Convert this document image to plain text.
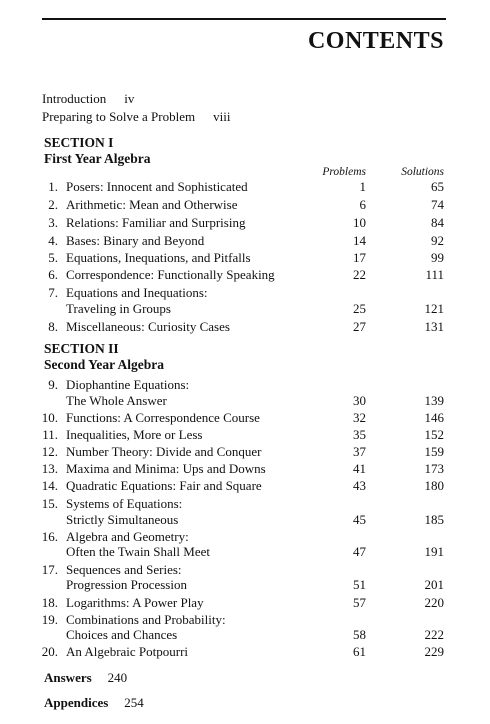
CONTENTS
Introduction iv
Preparing to Solve a Problem viii
SECTION I
First Year Algebra
Problems	Solutions
1. Posers: Innocent and Sophisticated	1	65
2. Arithmetic: Mean and Otherwise	6	74
3. Relations: Familiar and Surprising	10	84
4. Bases: Binary and Beyond	14	92
5. Equations, Inequations, and Pitfalls	17	99
6. Correspondence: Functionally Speaking	22	111
7. Equations and Inequations:
Traveling in Groups	25	121
8. Miscellaneous: Curiosity Cases	27	131
SECTION II
Second Year Algebra
9. Diophantine Equations:
The Whole Answer	30	139
10. Functions: A Correspondence Course	32	146
11. Inequalities, More or Less	35	152
12. Number Theory: Divide and Conquer	37	159
13. Maxima and Minima: Ups and Downs	41	173
14. Quadratic Equations: Fair and Square	43	180
15. Systems of Equations:
Strictly Simultaneous	45	185
16. Algebra and Geometry:
Often the Twain Shall Meet	47	191
17. Sequences and Series:
Progression Procession	51	201
18. Logarithms: A Power Play	57	220
19. Combinations and Probability:
Choices and Chances	58	222
20. An Algebraic Potpourri	61	229
Answers 240
Appendices 254
